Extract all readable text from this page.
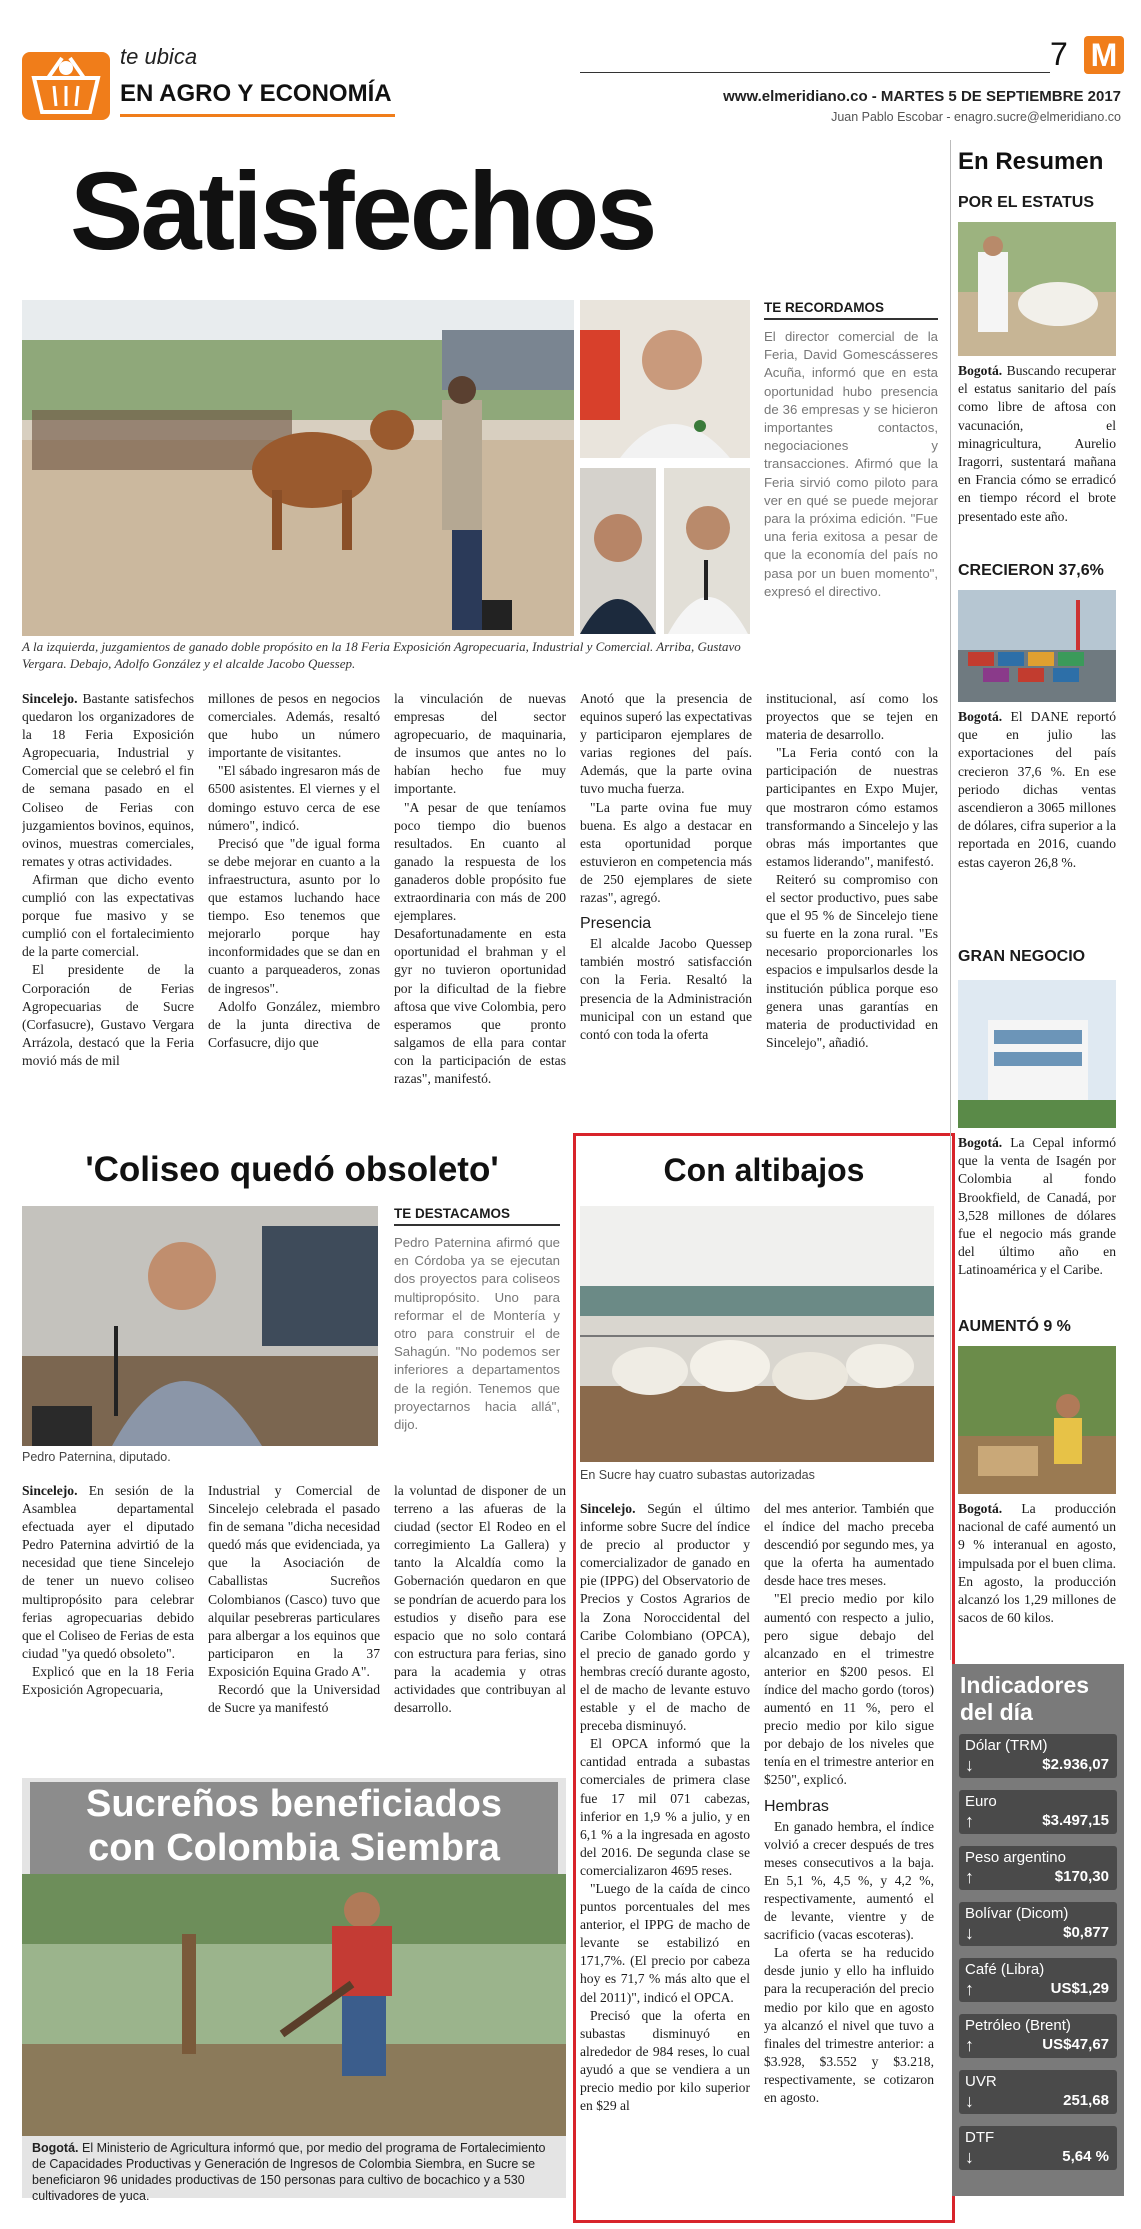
te ubica
EN AGRO Y ECONOMÍA
7 M
www.elmeridiano.co - MARTES 5 DE SEPTIEMBRE 2017
Juan Pablo Escobar - enagro.sucre@elmeridiano.co
Satisfechos
A la izquierda, juzgamientos de ganado doble propósito en la 18 Feria Exposición Agropecuaria, Industrial y Comercial. Arriba, Gustavo Vergara. Debajo, Adolfo González y el alcalde Jacobo Quessep.
TE RECORDAMOS
El director comercial de la Feria, David Gomescásseres Acuña, informó que en esta oportunidad hubo presencia de 36 empresas y se hicieron importantes contactos, negociaciones y transacciones. Afirmó que la Feria sirvió como piloto para ver en qué se puede mejorar para la próxima edición. "Fue una feria exitosa a pesar de que la economía del país no pasa por un buen momento", expresó el directivo.

Sincelejo. Bastante satisfechos quedaron los organizadores de la 18 Feria Exposición Agropecuaria, Industrial y Comercial que se celebró el fin de semana pasado en el Coliseo de Ferias con juzgamientos bovinos, equinos, ovinos, muestras comerciales, remates y otras actividades.

Afirman que dicho evento cumplió con las expectativas porque fue masivo y se cumplió con el fortalecimiento de la parte comercial.

El presidente de la Corporación de Ferias Agropecuarias de Sucre (Corfasucre), Gustavo Vergara Arrázola, destacó que la Feria movió más de mil

millones de pesos en negocios comerciales. Además, resaltó que hubo un número importante de visitantes.

"El sábado ingresaron más de 6500 asistentes. El viernes y el domingo estuvo cerca de ese número", indicó.

Precisó que "de igual forma se debe mejorar en cuanto a la infraestructura, asunto por lo que estamos luchando hace tiempo. Eso tenemos que mejorarlo porque hay inconformidades que se dan en cuanto a parqueaderos, zonas de ingresos".

Adolfo González, miembro de la junta directiva de Corfasucre, dijo que

la vinculación de nuevas empresas del sector agropecuario, de maquinaria, de insumos que antes no lo habían hecho fue muy importante.

"A pesar de que teníamos poco tiempo dio buenos resultados. En cuanto al ganado la respuesta de los ganaderos doble propósito fue extraordinaria con más de 200 ejemplares. Desafortunadamente en esta oportunidad el brahman y el gyr no tuvieron oportunidad por la dificultad de la fiebre aftosa que vive Colombia, pero esperamos que pronto salgamos de ella para contar con la participación de estas razas", manifestó.

Anotó que la presencia de equinos superó las expectativas y participaron ejemplares de varias regiones del país. Además, que la parte ovina tuvo mucha fuerza.

"La parte ovina fue muy buena. Es algo a destacar en esta oportunidad porque estuvieron en competencia más de 250 ejemplares de siete razas", agregó.

Presencia

El alcalde Jacobo Quessep también mostró satisfacción con la Feria. Resaltó la presencia de la Administración municipal con un estand que contó con toda la oferta

institucional, así como los proyectos que se tejen en materia de desarrollo.

"La Feria contó con la participación de nuestras participantes en Expo Mujer, que mostraron cómo estamos transformando a Sincelejo y las obras más importantes que estamos liderando", manifestó.

Reiteró su compromiso con el sector productivo, pues sabe que el 95 % de Sincelejo tiene su fuerte en la zona rural. "Es necesario proporcionarles los espacios e impulsarlos desde la institución pública porque eso genera unas garantías en materia de productividad en Sincelejo", añadió.

'Coliseo quedó obsoleto'
Pedro Paternina, diputado.
TE DESTACAMOS
Pedro Paternina afirmó que en Córdoba ya se ejecutan dos proyectos para coliseos multipropósito. Uno para reformar el de Montería y otro para construir el de Sahagún. "No podemos ser inferiores a departamentos de la región. Tenemos que proyectarnos hacia allá", dijo.

Sincelejo. En sesión de la Asamblea departamental efectuada ayer el diputado Pedro Paternina advirtió de la necesidad que tiene Sincelejo de tener un nuevo coliseo multipropósito para celebrar ferias agropecuarias debido que el Coliseo de Ferias de esta ciudad "ya quedó obsoleto".

Explicó que en la 18 Feria Exposición Agropecuaria,

Industrial y Comercial de Sincelejo celebrada el pasado fin de semana "dicha necesidad quedó más que evidenciada, ya que la Asociación de Caballistas Sucreños Colombianos (Casco) tuvo que alquilar pesebreras particulares para albergar a los equinos que participaron en la 37 Exposición Equina Grado A".

Recordó que la Universidad de Sucre ya manifestó

la voluntad de disponer de un terreno a las afueras de la ciudad (sector El Rodeo en el corregimiento La Gallera) y tanto la Alcaldía como la Gobernación quedaron en que se pondrían de acuerdo para los estudios y diseño para ese espacio que no solo contará con estructura para ferias, sino para la academia y otras actividades que contribuyan al desarrollo.

Sucreños beneficiados
con Colombia Siembra
Bogotá. El Ministerio de Agricultura informó que, por medio del programa de Fortalecimiento de Capacidades Productivas y Generación de Ingresos de Colombia Siembra, en Sucre se beneficiaron 96 unidades productivas de 150 personas para cultivo de bocachico y a 530 cultivadores de yuca.
Con altibajos
En Sucre hay cuatro subastas autorizadas

Sincelejo. Según el último informe sobre Sucre del índice de precio al productor y comercializador de ganado en pie (IPPG) del Observatorio de Precios y Costos Agrarios de la Zona Noroccidental del Caribe Colombiano (OPCA), el precio de ganado gordo y hembras crecíó durante agosto, el de macho de levante estuvo estable y el de macho de preceba disminuyó.

El OPCA informó que la cantidad entrada a subastas comerciales de primera clase fue 17 mil 071 cabezas, inferior en 1,9 % a julio, y en 6,1 % a la ingresada en agosto del 2016. De segunda clase se comercializaron 4695 reses.

"Luego de la caída de cinco puntos porcentuales del mes anterior, el IPPG de macho de levante se estabilizó en 171,7%. (El precio por cabeza hoy es 71,7 % más alto que el del 2011)", indicó el OPCA.

Precisó que la oferta en subastas disminuyó en alrededor de 984 reses, lo cual ayudó a que se vendiera a un precio medio por kilo superior en $29 al

del mes anterior. También que el índice del macho preceba descendió por segundo mes, ya que la oferta ha aumentado desde hace tres meses.

"El precio medio por kilo aumentó con respecto a julio, pero sigue debajo del alcanzado en el trimestre anterior en $200 pesos. El índice del macho gordo (toros) aumentó en 11 %, pero el precio medio por kilo sigue por debajo de los niveles que tenía en el trimestre anterior en $250", explicó.

Hembras

En ganado hembra, el índice volvió a crecer después de tres meses consecutivos a la baja. En 5,1 %, 4,5 %, y 4,2 %, respectivamente, aumentó el de levante, vientre y de sacrificio (vacas escoteras).

La oferta se ha reducido desde junio y ello ha influido para la recuperación del precio medio por kilo que en agosto ya alcanzó el nivel que tuvo a finales del trimestre anterior: a $3.928, $3.552 y $3.218, respectivamente, se cotizaron en agosto.

En Resumen
POR EL ESTATUS
Bogotá. Buscando recuperar el estatus sanitario del país como libre de aftosa con vacunación, el minagricultura, Aurelio Iragorri, sustentará mañana en Francia cómo se erradicó en tiempo récord el brote presentado este año.
CRECIERON 37,6%
Bogotá. El DANE reportó que en julio las exportaciones del país crecieron 37,6 %. En ese periodo dichas ventas ascendieron a 3065 millones de dólares, cifra superior a la reportada en 2016, cuando estas cayeron 26,8 %.
GRAN NEGOCIO
Bogotá. La Cepal informó que la venta de Isagén por Colombia al fondo Brookfield, de Canadá, por 3,528 millones de dólares fue el negocio más grande del último año en Latinoamérica y el Caribe.
AUMENTÓ 9 %
Bogotá. La producción nacional de café aumentó un 9 % interanual en agosto, impulsada por el buen clima. En agosto, la producción alcanzó los 1,29 millones de sacos de 60 kilos.
Indicadores
del día
Dólar (TRM)
↓	$2.936,07
Euro
↑	$3.497,15
Peso argentino
↑	$170,30
Bolívar (Dicom)
↓	$0,877
Café (Libra)
↑	US$1,29
Petróleo (Brent)
↑	US$47,67
UVR
↓	251,68
DTF
↓	5,64 %
